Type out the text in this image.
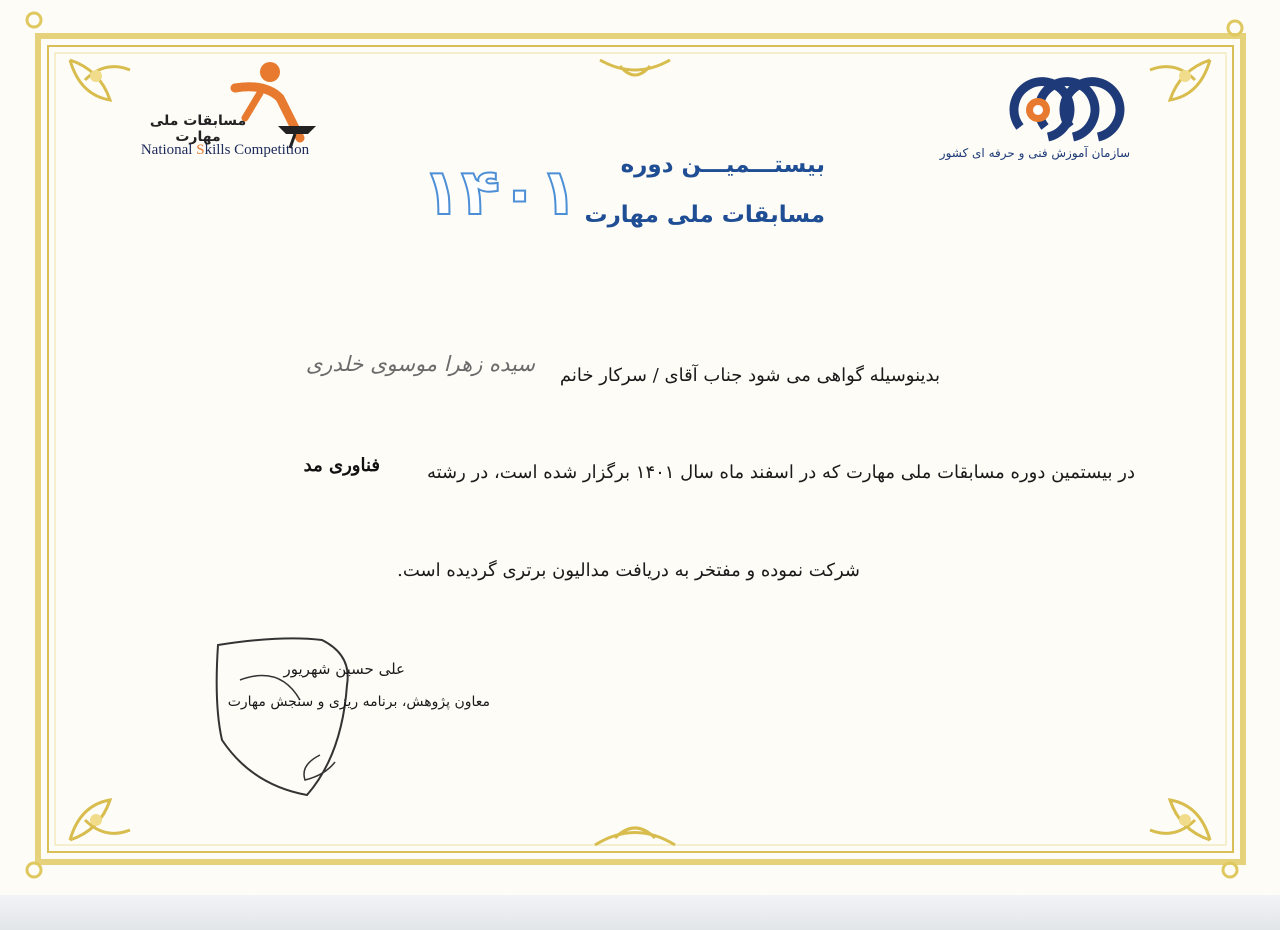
مسابقات ملی مهارت
National Skills Competition	سازمان آموزش فنی و حرفه ای کشور
بیستـــمیـــن دوره
مسابقات ملی مهارت
۱۴۰۱
بدینوسیله گواهی می شود جناب آقای / سرکار خانم
سیده زهرا موسوی خلدری
در بیستمین دوره مسابقات ملی مهارت که در اسفند ماه سال ۱۴۰۱ برگزار شده است، در رشته
فناوری مد
شرکت نموده و مفتخر به دریافت مدالیون برتری گردیده است.
علی حسین شهریور
معاون پژوهش، برنامه ریزی و سنجش مهارت
